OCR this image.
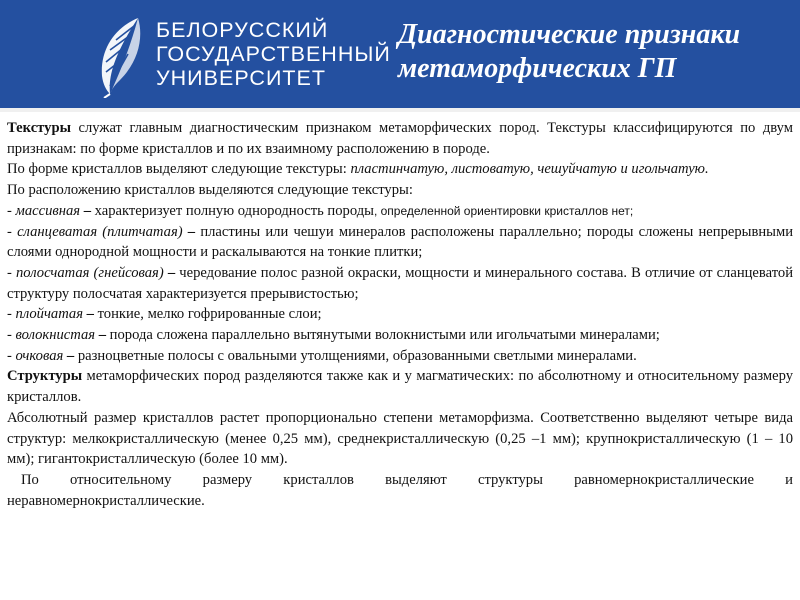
БЕЛОРУССКИЙ
ГОСУДАРСТВЕННЫЙ
УНИВЕРСИТЕТ
Диагностические признаки
метаморфических ГП

Текстуры служат главным диагностическим признаком метаморфических пород. Текстуры классифицируются по двум признакам: по форме кристаллов и по их взаимному расположению в породе.

По форме кристаллов выделяют следующие текстуры: пластинчатую, листоватую, чешуйчатую и игольчатую.

По расположению кристаллов выделяются следующие текстуры:

- массивная – характеризует полную однородность породы, определенной ориентировки кристаллов нет;

- сланцеватая (плитчатая) – пластины или чешуи минералов расположены параллельно; породы сложены непрерывными слоями однородной мощности и раскалываются на тонкие плитки;

- полосчатая (гнейсовая) – чередование полос разной окраски, мощности и минерального состава. В отличие от сланцеватой структуру полосчатая характеризуется прерывистостью;

- плойчатая – тонкие, мелко гофрированные слои;

- волокнистая – порода сложена параллельно вытянутыми волокнистыми или игольчатыми минералами;

- очковая – разноцветные полосы с овальными утолщениями, образованными светлыми минералами.

Структуры метаморфических пород разделяются также как и у магматических: по абсолютному и относительному размеру кристаллов.

Абсолютный размер кристаллов растет пропорционально степени метаморфизма. Соответственно выделяют четыре вида структур: мелкокристаллическую (менее 0,25 мм), среднекристаллическую (0,25 –1 мм); крупнокристаллическую (1 – 10 мм); гигантокристаллическую (более 10 мм).

По относительному размеру кристаллов выделяют структуры равномернокристаллические и неравномернокристаллические.
